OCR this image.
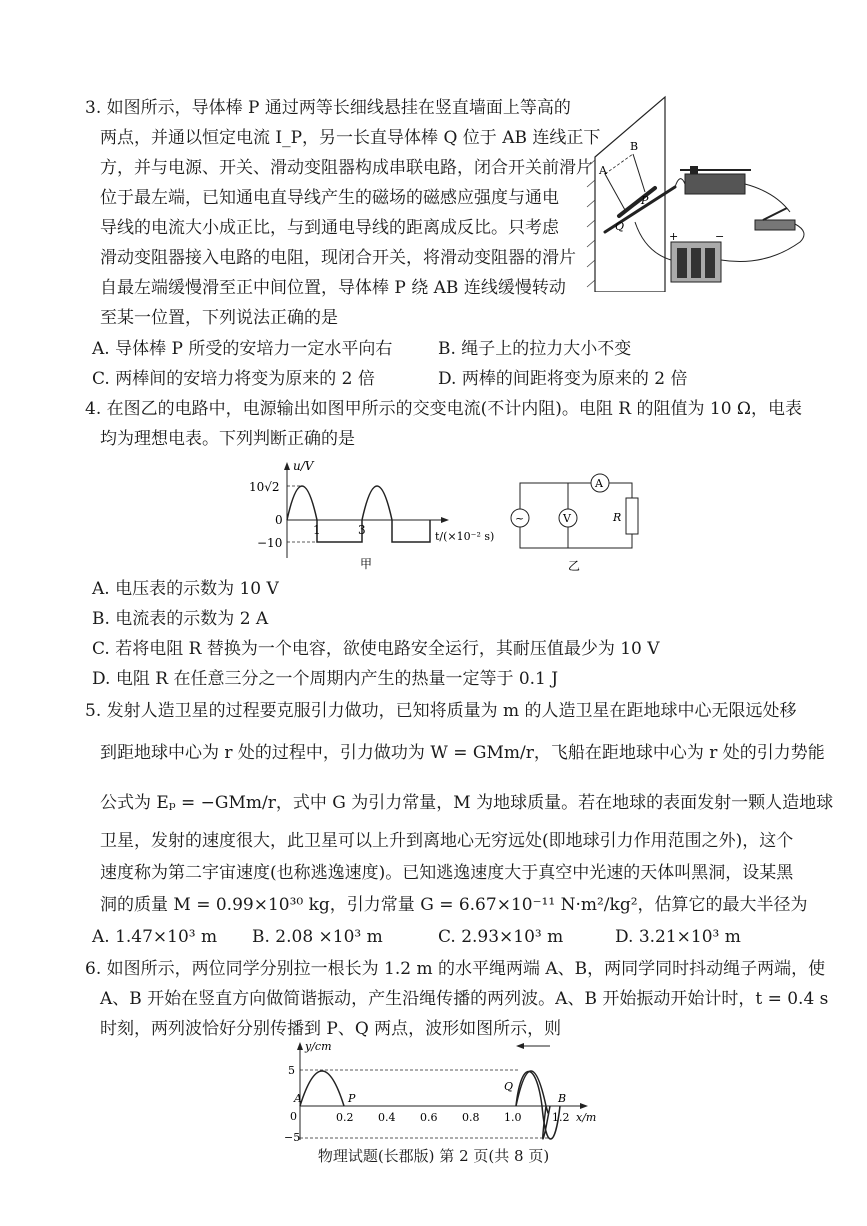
3. 如图所示，导体棒 P 通过两等长细线悬挂在竖直墙面上等高的
两点，并通以恒定电流 I_P，另一长直导体棒 Q 位于 AB 连线正下
方，并与电源、开关、滑动变阻器构成串联电路，闭合开关前滑片
位于最左端，已知通电直导线产生的磁场的磁感应强度与通电
导线的电流大小成正比，与到通电导线的距离成反比。只考虑
滑动变阻器接入电路的电阻，现闭合开关，将滑动变阻器的滑片
自最左端缓慢滑至正中间位置，导体棒 P 绕 AB 连线缓慢转动
至某一位置，下列说法正确的是
A. 导体棒 P 所受的安培力一定水平向右	B. 绳子上的拉力大小不变
C. 两棒间的安培力将变为原来的 2 倍	D. 两棒的间距将变为原来的 2 倍
A
B
P
Q
+	−
4. 在图乙的电路中，电源输出如图甲所示的交变电流(不计内阻)。电阻 R 的阻值为 10 Ω，电表
均为理想电表。下列判断正确的是
u/V
10√2
0
−10
1	3	t/(×10⁻² s)
甲
~	V
A
R
乙
A. 电压表的示数为 10 V
B. 电流表的示数为 2 A
C. 若将电阻 R 替换为一个电容，欲使电路安全运行，其耐压值最少为 10 V
D. 电阻 R 在任意三分之一个周期内产生的热量一定等于 0.1 J
5. 发射人造卫星的过程要克服引力做功，已知将质量为 m 的人造卫星在距地球中心无限远处移
到距地球中心为 r 处的过程中，引力做功为 W = GMm/r，飞船在距地球中心为 r 处的引力势能
公式为 Eₚ = −GMm/r，式中 G 为引力常量，M 为地球质量。若在地球的表面发射一颗人造地球
卫星，发射的速度很大，此卫星可以上升到离地心无穷远处(即地球引力作用范围之外)，这个
速度称为第二宇宙速度(也称逃逸速度)。已知逃逸速度大于真空中光速的天体叫黑洞，设某黑
洞的质量 M = 0.99×10³⁰ kg，引力常量 G = 6.67×10⁻¹¹ N·m²/kg²，估算它的最大半径为
A. 1.47×10³ m B. 2.08 ×10³ m	C. 2.93×10³ m	D. 3.21×10³ m
6. 如图所示，两位同学分别拉一根长为 1.2 m 的水平绳两端 A、B，两同学同时抖动绳子两端，使
A、B 开始在竖直方向做简谐振动，产生沿绳传播的两列波。A、B 开始振动开始计时，t = 0.4 s
时刻，两列波恰好分别传播到 P、Q 两点，波形如图所示，则
y/cm
5
0
−5
A	P
Q
B
0.2 0.4 0.6 0.8 1.0	1.2 x/m
物理试题(长郡版) 第 2 页(共 8 页)
